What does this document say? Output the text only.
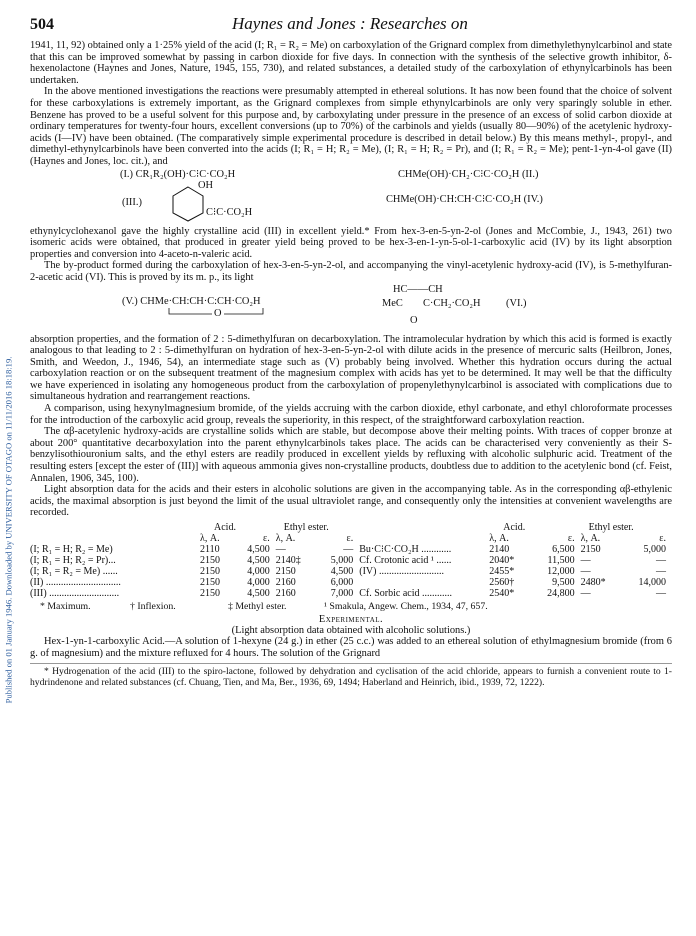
Published on 01 January 1946. Downloaded by UNIVERSITY OF OTAGO on 11/11/2016 18:18:19.
504	Haynes and Jones : Researches on

1941, 11, 92) obtained only a 1·25% yield of the acid (I; R₁ = R₂ = Me) on carboxylation of the Grignard complex from dimethylethynylcarbinol and state that this can be improved somewhat by passing in carbon dioxide for five days. In connection with the synthesis of the selective growth inhibitor, δ-hexenolactone (Haynes and Jones, Nature, 1945, 155, 730), and related substances, a detailed study of the carboxylation of ethynylcarbinols has been undertaken.

In the above mentioned investigations the reactions were presumably attempted in ethereal solutions. It has now been found that the choice of solvent for these carboxylations is extremely important, as the Grignard complexes from simple ethynylcarbinols are only very sparingly soluble in ether. Benzene has proved to be a useful solvent for this purpose and, by carboxylating under pressure in the presence of an excess of solid carbon dioxide at ordinary temperatures for twenty-four hours, excellent conversions (up to 70%) of the carbinols and yields (usually 80—90%) of the acetylenic hydroxy-acids (I—IV) have been obtained. (The comparatively simple experimental procedure is described in detail below.) By this means methyl-, propyl-, and dimethyl-ethynylcarbinols have been converted into the acids (I; R₁ = H; R₂ = Me), (I; R₁ = H; R₂ = Pr), and (I; R₁ = R₂ = Me); pent-1-yn-4-ol gave (II) (Haynes and Jones, loc. cit.), and

(I.) CR₁R₂(OH)·C⁝C·CO₂H	CHMe(OH)·CH₂·C⁝C·CO₂H (II.)
(III.)
OH
C⁝C·CO₂H
CHMe(OH)·CH:CH·C⁝C·CO₂H (IV.)

ethynylcyclohexanol gave the highly crystalline acid (III) in excellent yield.* From hex-3-en-5-yn-2-ol (Jones and McCombie, J., 1943, 261) two isomeric acids were obtained, that produced in greater yield being proved to be hex-3-en-1-yn-5-ol-1-carboxylic acid (IV) by its light absorption properties and conversion into 4-aceto-n-valeric acid.

The by-product formed during the carboxylation of hex-3-en-5-yn-2-ol, and accompanying the vinyl-acetylenic hydroxy-acid (IV), is 5-methylfuran-2-acetic acid (VI). This is proved by its m. p., its light

(V.) CHMe·CH:CH·C:CH·CO₂H
O
HC——CH
MeC C·CH₂·CO₂H (VI.)
O

absorption properties, and the formation of 2 : 5-dimethylfuran on decarboxylation. The intramolecular hydration by which this acid is formed is exactly analogous to that leading to 2 : 5-dimethylfuran on hydration of hex-3-en-5-yn-2-ol with dilute acids in the presence of mercuric salts (Heilbron, Jones, Smith, and Weedon, J., 1946, 54), an intermediate stage such as (V) probably being involved. Whether this hydration occurs during the actual carboxylation reaction or on the subsequent treatment of the magnesium complex with acids has yet to be determined. It may well be that the difficulty we have experienced in isolating any homogeneous product from the carboxylation of propenylethynylcarbinol is associated with complications due to simultaneous hydration and rearrangement reactions.

A comparison, using hexynylmagnesium bromide, of the yields accruing with the carbon dioxide, ethyl carbonate, and ethyl chloroformate processes for the introduction of the carboxylic acid group, reveals the superiority, in this respect, of the straightforward carboxylation reaction.

The αβ-acetylenic hydroxy-acids are crystalline solids which are stable, but decompose above their melting points. With traces of copper bronze at about 200° quantitative decarboxylation into the parent ethynylcarbinols takes place. The acids can be characterised very conveniently as their S-benzylisothiouronium salts, and the ethyl esters are readily produced in excellent yields by refluxing with alcoholic sulphuric acid. Treatment of the resulting esters [except the ester of (III)] with aqueous ammonia gives non-crystalline products, doubtless due to addition to the acetylenic bond (cf. Feist, Annalen, 1906, 345, 100).

Light absorption data for the acids and their esters in alcoholic solutions are given in the accompanying table. As in the corresponding αβ-ethylenic acids, the maximal absorption is just beyond the limit of the usual ultraviolet range, and consequently only the intensities at convenient wavelengths are recorded.

	Acid.		Ethyl ester.			Acid.		Ethyl ester.	
	λ, A.	ε.	λ, A.	ε.		λ, A.	ε.	λ, A.	ε.
(I; R₁ = H; R₂ = Me)	2110	4,500	—	—	Bu·C⁝C·CO₂H ............	2140	6,500	2150	5,000
(I; R₁ = H; R₂ = Pr)...	2150	4,500	2140‡	5,000	Cf. Crotonic acid ¹ ......	2040*	11,500	—	—
(I; R₁ = R₂ = Me) ......	2150	4,000	2150	4,500	(IV) ..........................	2455*	12,000	—	—
(II) ..............................	2150	4,000	2160	6,000		2560†	9,500	2480*	14,000
(III) ............................	2150	4,500	2160	7,000	Cf. Sorbic acid ............	2540*	24,800	—	—
* Maximum.	† Inflexion.	‡ Methyl ester.	¹ Smakula, Angew. Chem., 1934, 47, 657.
Experimental.
(Light absorption data obtained with alcoholic solutions.)

Hex-1-yn-1-carboxylic Acid.—A solution of 1-hexyne (24 g.) in ether (25 c.c.) was added to an ethereal solution of ethylmagnesium bromide (from 6 g. of magnesium) and the mixture refluxed for 4 hours. The solution of the Grignard

* Hydrogenation of the acid (III) to the spiro-lactone, followed by dehydration and cyclisation of the acid chloride, appears to furnish a convenient route to 1-hydrindenone and related substances (cf. Chuang, Tien, and Ma, Ber., 1936, 69, 1494; Haberland and Heinrich, ibid., 1939, 72, 1222).
